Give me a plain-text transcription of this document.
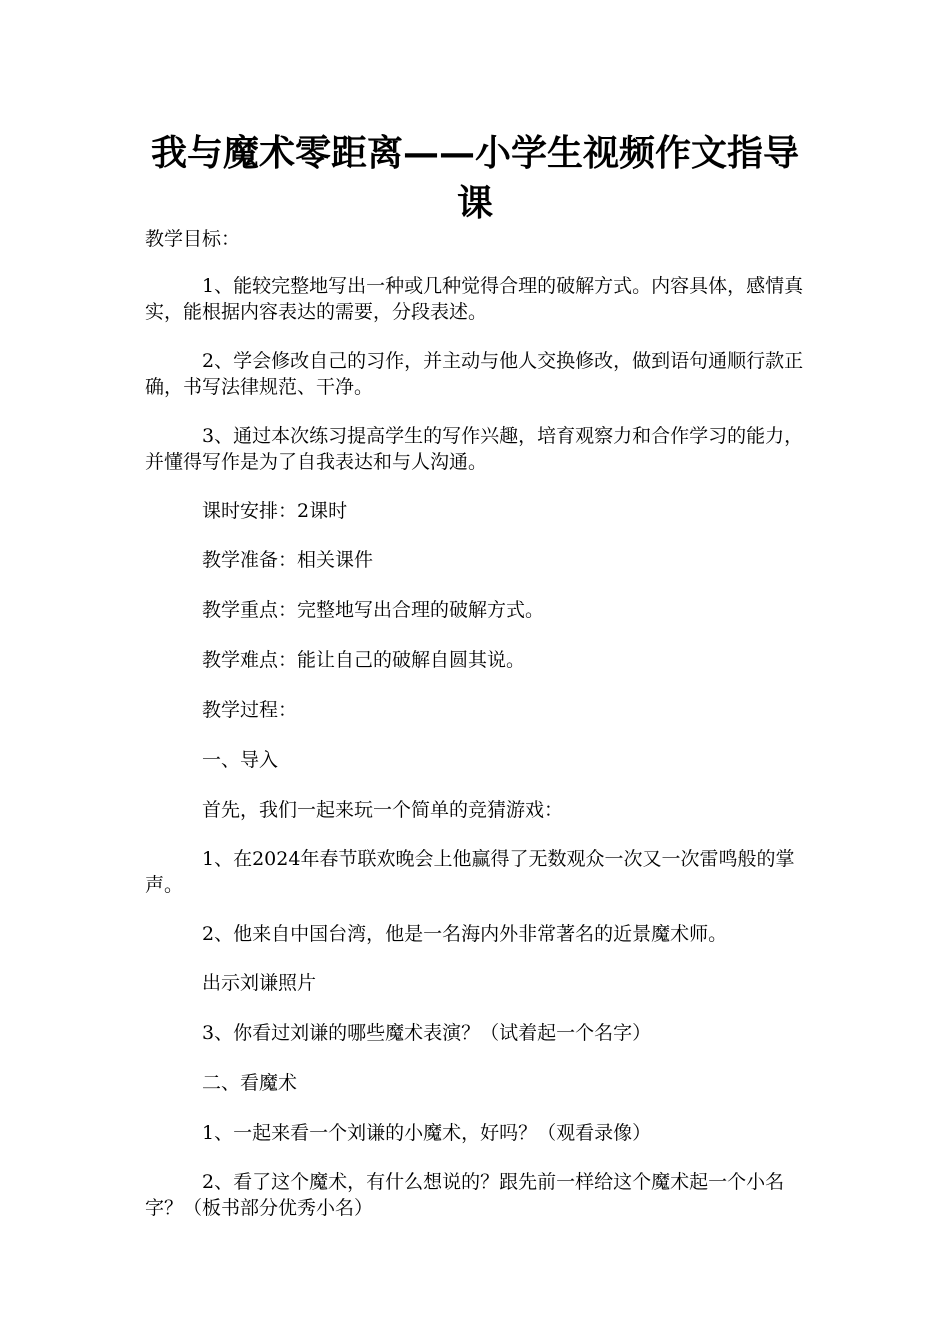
我与魔术零距离——小学生视频作文指导课

教学目标：

1、能较完整地写出一种或几种觉得合理的破解方式。内容具体，感情真实，能根据内容表达的需要，分段表述。

2、学会修改自己的习作，并主动与他人交换修改，做到语句通顺行款正确，书写法律规范、干净。

3、通过本次练习提高学生的写作兴趣，培育观察力和合作学习的能力，并懂得写作是为了自我表达和与人沟通。

课时安排：2课时

教学准备：相关课件

教学重点：完整地写出合理的破解方式。

教学难点：能让自己的破解自圆其说。

教学过程：

一、导入

首先，我们一起来玩一个简单的竞猜游戏：

1、在2024年春节联欢晚会上他赢得了无数观众一次又一次雷鸣般的掌声。

2、他来自中国台湾，他是一名海内外非常著名的近景魔术师。

出示刘谦照片

3、你看过刘谦的哪些魔术表演？（试着起一个名字）

二、看魔术

1、一起来看一个刘谦的小魔术，好吗？（观看录像）

2、看了这个魔术，有什么想说的？跟先前一样给这个魔术起一个小名字？（板书部分优秀小名）
